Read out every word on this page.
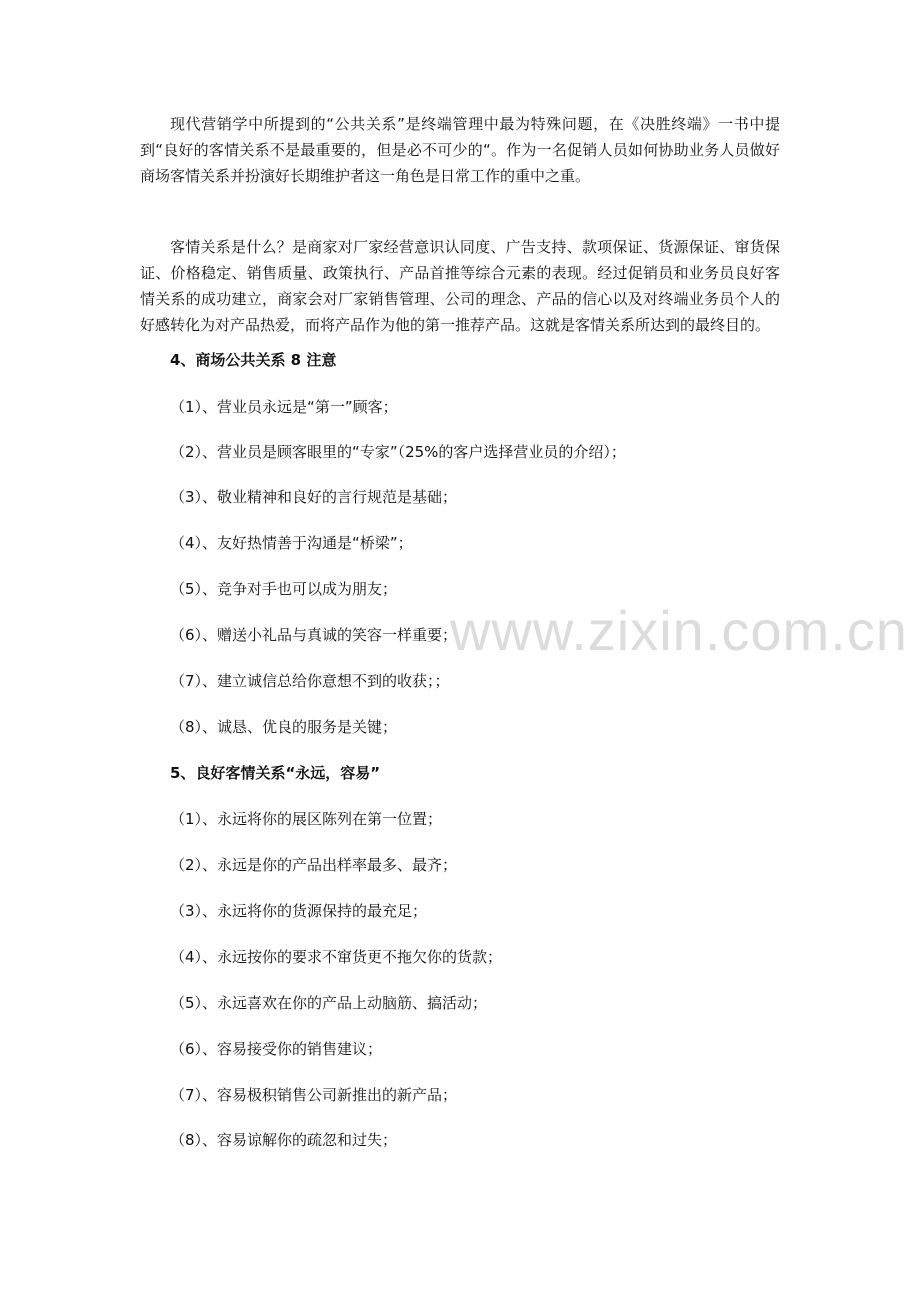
现代营销学中所提到的“公共关系”是终端管理中最为特殊问题，在《决胜终端》一书中提到“良好的客情关系不是最重要的，但是必不可少的“。作为一名促销人员如何协助业务人员做好商场客情关系并扮演好长期维护者这一角色是日常工作的重中之重。

客情关系是什么？是商家对厂家经营意识认同度、广告支持、款项保证、货源保证、窜货保证、价格稳定、销售质量、政策执行、产品首推等综合元素的表现。经过促销员和业务员良好客情关系的成功建立，商家会对厂家销售管理、公司的理念、产品的信心以及对终端业务员个人的好感转化为对产品热爱，而将产品作为他的第一推荐产品。这就是客情关系所达到的最终目的。

4、商场公共关系 8 注意

（1）、营业员永远是“第一”顾客；

（2）、营业员是顾客眼里的“专家”（25%的客户选择营业员的介绍）；

（3）、敬业精神和良好的言行规范是基础；

（4）、友好热情善于沟通是“桥梁”；

（5）、竞争对手也可以成为朋友；

（6）、赠送小礼品与真诚的笑容一样重要；

（7）、建立诚信总给你意想不到的收获；；

（8）、诚恳、优良的服务是关键；

5、良好客情关系“永远，容易”

（1）、永远将你的展区陈列在第一位置；

（2）、永远是你的产品出样率最多、最齐；

（3）、永远将你的货源保持的最充足；

（4）、永远按你的要求不窜货更不拖欠你的货款；

（5）、永远喜欢在你的产品上动脑筋、搞活动；

（6）、容易接受你的销售建议；

（7）、容易极积销售公司新推出的新产品；

（8）、容易谅解你的疏忽和过失；

www.zixin.com.cn
